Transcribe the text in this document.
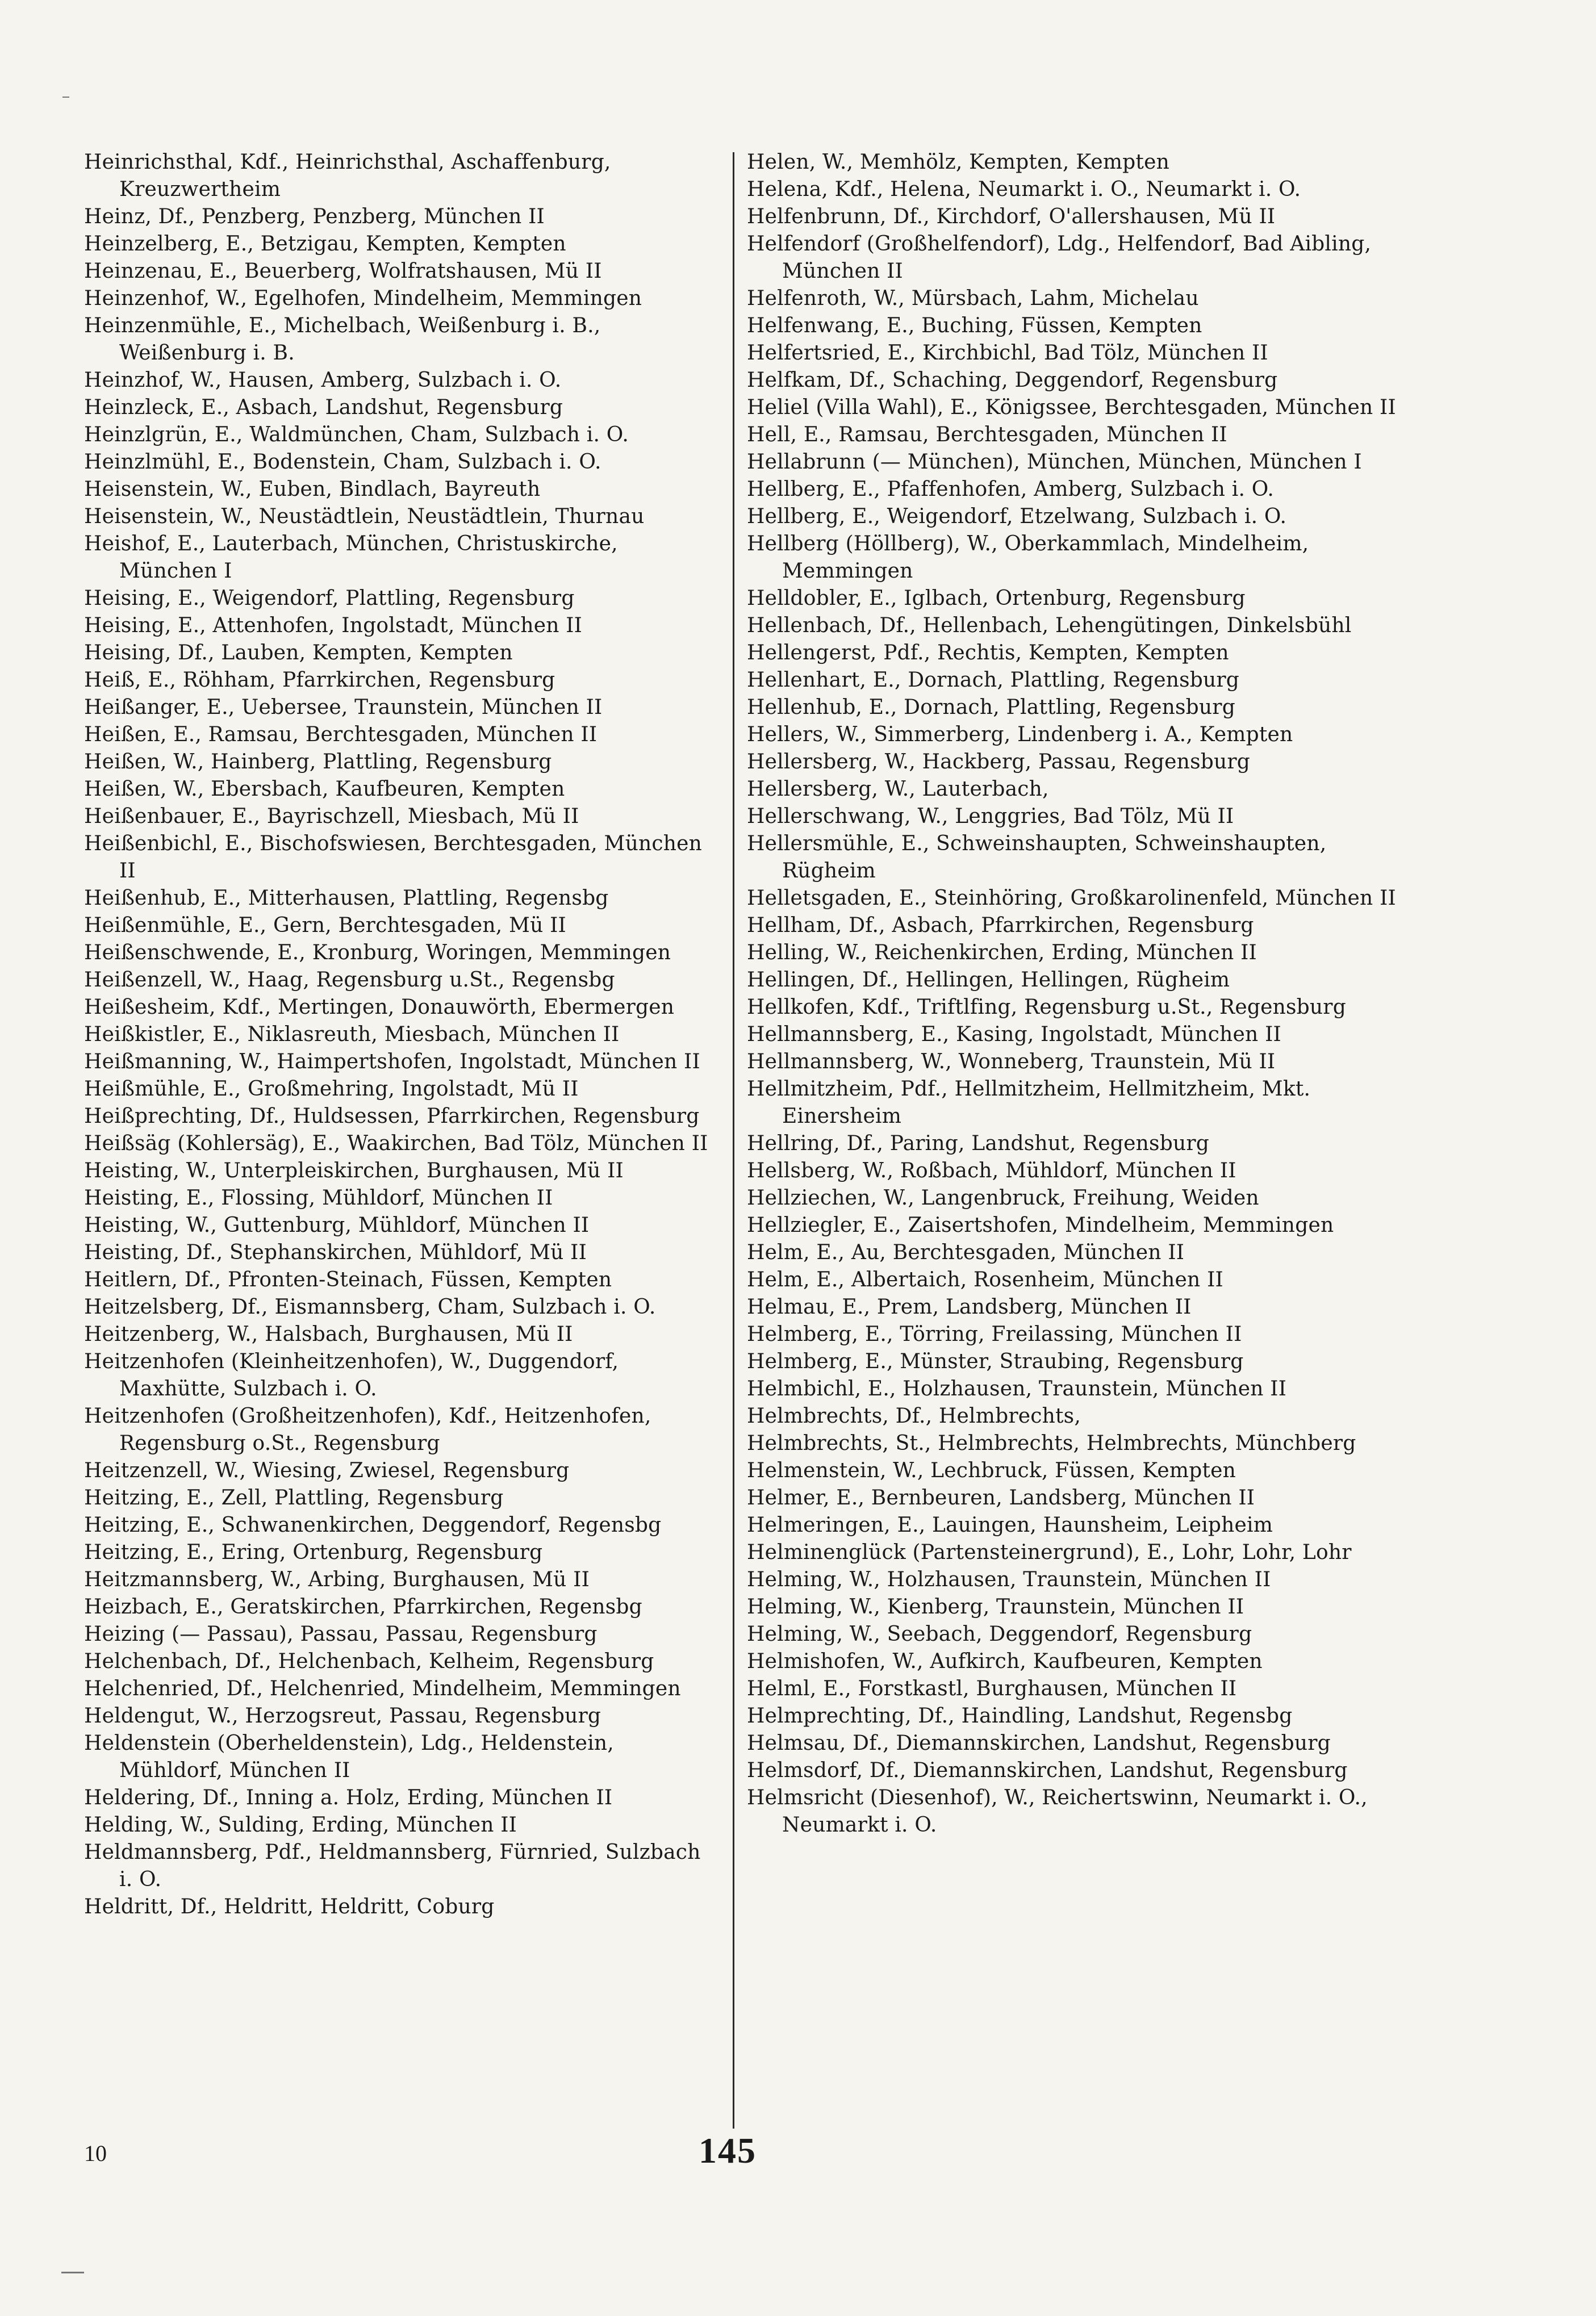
Heinrichsthal, Kdf., Heinrichsthal, Aschaffenburg, Kreuzwertheim
Heinz, Df., Penzberg, Penzberg, München II
Heinzelberg, E., Betzigau, Kempten, Kempten
Heinzenau, E., Beuerberg, Wolfratshausen, Mü II
Heinzenhof, W., Egelhofen, Mindelheim, Memmingen
Heinzenmühle, E., Michelbach, Weißenburg i. B., Weißenburg i. B.
Heinzhof, W., Hausen, Amberg, Sulzbach i. O.
Heinzleck, E., Asbach, Landshut, Regensburg
Heinzlgrün, E., Waldmünchen, Cham, Sulzbach i. O.
Heinzlmühl, E., Bodenstein, Cham, Sulzbach i. O.
Heisenstein, W., Euben, Bindlach, Bayreuth
Heisenstein, W., Neustädtlein, Neustädtlein, Thurnau
Heishof, E., Lauterbach, München, Christuskirche, München I
Heising, E., Weigendorf, Plattling, Regensburg
Heising, E., Attenhofen, Ingolstadt, München II
Heising, Df., Lauben, Kempten, Kempten
Heiß, E., Röhham, Pfarrkirchen, Regensburg
Heißanger, E., Uebersee, Traunstein, München II
Heißen, E., Ramsau, Berchtesgaden, München II
Heißen, W., Hainberg, Plattling, Regensburg
Heißen, W., Ebersbach, Kaufbeuren, Kempten
Heißenbauer, E., Bayrischzell, Miesbach, Mü II
Heißenbichl, E., Bischofswiesen, Berchtesgaden, München II
Heißenhub, E., Mitterhausen, Plattling, Regensbg
Heißenmühle, E., Gern, Berchtesgaden, Mü II
Heißenschwende, E., Kronburg, Woringen, Memmingen
Heißenzell, W., Haag, Regensburg u.St., Regensbg
Heißesheim, Kdf., Mertingen, Donauwörth, Ebermergen
Heißkistler, E., Niklasreuth, Miesbach, München II
Heißmanning, W., Haimpertshofen, Ingolstadt, München II
Heißmühle, E., Großmehring, Ingolstadt, Mü II
Heißprechting, Df., Huldsessen, Pfarrkirchen, Regensburg
Heißsäg (Kohlersäg), E., Waakirchen, Bad Tölz, München II
Heisting, W., Unterpleiskirchen, Burghausen, Mü II
Heisting, E., Flossing, Mühldorf, München II
Heisting, W., Guttenburg, Mühldorf, München II
Heisting, Df., Stephanskirchen, Mühldorf, Mü II
Heitlern, Df., Pfronten-Steinach, Füssen, Kempten
Heitzelsberg, Df., Eismannsberg, Cham, Sulzbach i. O.
Heitzenberg, W., Halsbach, Burghausen, Mü II
Heitzenhofen (Kleinheitzenhofen), W., Duggendorf, Maxhütte, Sulzbach i. O.
Heitzenhofen (Großheitzenhofen), Kdf., Heitzenhofen, Regensburg o.St., Regensburg
Heitzenzell, W., Wiesing, Zwiesel, Regensburg
Heitzing, E., Zell, Plattling, Regensburg
Heitzing, E., Schwanenkirchen, Deggendorf, Regensbg
Heitzing, E., Ering, Ortenburg, Regensburg
Heitzmannsberg, W., Arbing, Burghausen, Mü II
Heizbach, E., Geratskirchen, Pfarrkirchen, Regensbg
Heizing (— Passau), Passau, Passau, Regensburg
Helchenbach, Df., Helchenbach, Kelheim, Regensburg
Helchenried, Df., Helchenried, Mindelheim, Memmingen
Heldengut, W., Herzogsreut, Passau, Regensburg
Heldenstein (Oberheldenstein), Ldg., Heldenstein, Mühldorf, München II
Heldering, Df., Inning a. Holz, Erding, München II
Helding, W., Sulding, Erding, München II
Heldmannsberg, Pdf., Heldmannsberg, Fürnried, Sulzbach i. O.
Heldritt, Df., Heldritt, Heldritt, Coburg
Helen, W., Memhölz, Kempten, Kempten
Helena, Kdf., Helena, Neumarkt i. O., Neumarkt i. O.
Helfenbrunn, Df., Kirchdorf, O'allershausen, Mü II
Helfendorf (Großhelfendorf), Ldg., Helfendorf, Bad Aibling, München II
Helfenroth, W., Mürsbach, Lahm, Michelau
Helfenwang, E., Buching, Füssen, Kempten
Helfertsried, E., Kirchbichl, Bad Tölz, München II
Helfkam, Df., Schaching, Deggendorf, Regensburg
Heliel (Villa Wahl), E., Königssee, Berchtesgaden, München II
Hell, E., Ramsau, Berchtesgaden, München II
Hellabrunn (— München), München, München, München I
Hellberg, E., Pfaffenhofen, Amberg, Sulzbach i. O.
Hellberg, E., Weigendorf, Etzelwang, Sulzbach i. O.
Hellberg (Höllberg), W., Oberkammlach, Mindelheim, Memmingen
Helldobler, E., Iglbach, Ortenburg, Regensburg
Hellenbach, Df., Hellenbach, Lehengütingen, Dinkelsbühl
Hellengerst, Pdf., Rechtis, Kempten, Kempten
Hellenhart, E., Dornach, Plattling, Regensburg
Hellenhub, E., Dornach, Plattling, Regensburg
Hellers, W., Simmerberg, Lindenberg i. A., Kempten
Hellersberg, W., Hackberg, Passau, Regensburg
Hellersberg, W., Lauterbach,
Hellerschwang, W., Lenggries, Bad Tölz, Mü II
Hellersmühle, E., Schweinshaupten, Schweinshaupten, Rügheim
Helletsgaden, E., Steinhöring, Großkarolinenfeld, München II
Hellham, Df., Asbach, Pfarrkirchen, Regensburg
Helling, W., Reichenkirchen, Erding, München II
Hellingen, Df., Hellingen, Hellingen, Rügheim
Hellkofen, Kdf., Triftlfing, Regensburg u.St., Regensburg
Hellmannsberg, E., Kasing, Ingolstadt, München II
Hellmannsberg, W., Wonneberg, Traunstein, Mü II
Hellmitzheim, Pdf., Hellmitzheim, Hellmitzheim, Mkt. Einersheim
Hellring, Df., Paring, Landshut, Regensburg
Hellsberg, W., Roßbach, Mühldorf, München II
Hellziechen, W., Langenbruck, Freihung, Weiden
Hellziegler, E., Zaisertshofen, Mindelheim, Memmingen
Helm, E., Au, Berchtesgaden, München II
Helm, E., Albertaich, Rosenheim, München II
Helmau, E., Prem, Landsberg, München II
Helmberg, E., Törring, Freilassing, München II
Helmberg, E., Münster, Straubing, Regensburg
Helmbichl, E., Holzhausen, Traunstein, München II
Helmbrechts, Df., Helmbrechts,
Helmbrechts, St., Helmbrechts, Helmbrechts, Münchberg
Helmenstein, W., Lechbruck, Füssen, Kempten
Helmer, E., Bernbeuren, Landsberg, München II
Helmeringen, E., Lauingen, Haunsheim, Leipheim
Helminenglück (Partensteinergrund), E., Lohr, Lohr, Lohr
Helming, W., Holzhausen, Traunstein, München II
Helming, W., Kienberg, Traunstein, München II
Helming, W., Seebach, Deggendorf, Regensburg
Helmishofen, W., Aufkirch, Kaufbeuren, Kempten
Helml, E., Forstkastl, Burghausen, München II
Helmprechting, Df., Haindling, Landshut, Regensbg
Helmsau, Df., Diemannskirchen, Landshut, Regensburg
Helmsdorf, Df., Diemannskirchen, Landshut, Regensburg
Helmsricht (Diesenhof), W., Reichertswinn, Neumarkt i. O., Neumarkt i. O.
10	145
